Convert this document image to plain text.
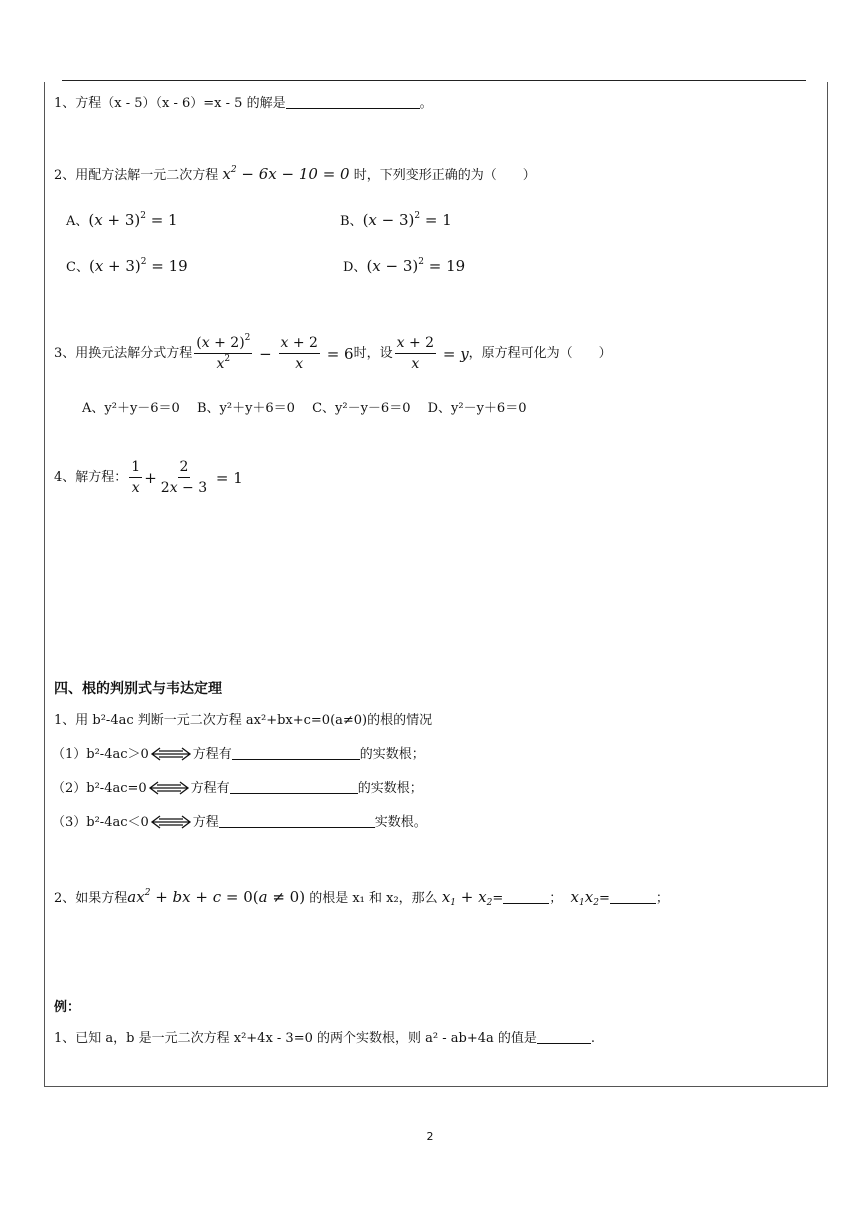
1、方程（x - 5）（x - 6）=x - 5 的解是	。
2、用配方法解一元二次方程 $x^2 - 6x - 10 = 0$ 时，下列变形正确的为（　　）
A、$(x + 3)^2 = 1$	B、$(x - 3)^2 = 1$
C、$(x + 3)^2 = 19$	D、$(x - 3)^2 = 19$
3、用换元法解分式方程 $\frac{(x + 2)^2}{x^2} - \frac{x + 2}{x} = 6$ 时，设 $\frac{x + 2}{x} = y$ ，原方程可化为（　　）
A、y²＋y－6＝0　 B、y²＋y＋6＝0　 C、y²－y－6＝0　 D、y²－y＋6＝0
4、解方程： $\frac{1}{x} + \frac{2}{2x - 3} = 1$
四、根的判别式与韦达定理
1、用 b²-4ac 判断一元二次方程 ax²+bx+c=0(a≠0)的根的情况
（1）b²-4ac＞0	方程有	的实数根；
（2）b²-4ac=0	方程有	的实数根；
（3）b²-4ac＜0	方程	实数根。
2、如果方程$ax^2$ + bx + c = 0(a ≠ 0) 的根是 x₁ 和 x₂，那么 $x_1 + x_2=$	； $x_1x_2=$	；
例：
1、已知 a，b 是一元二次方程 x²+4x - 3=0 的两个实数根，则 a² - ab+4a 的值是	.
2
